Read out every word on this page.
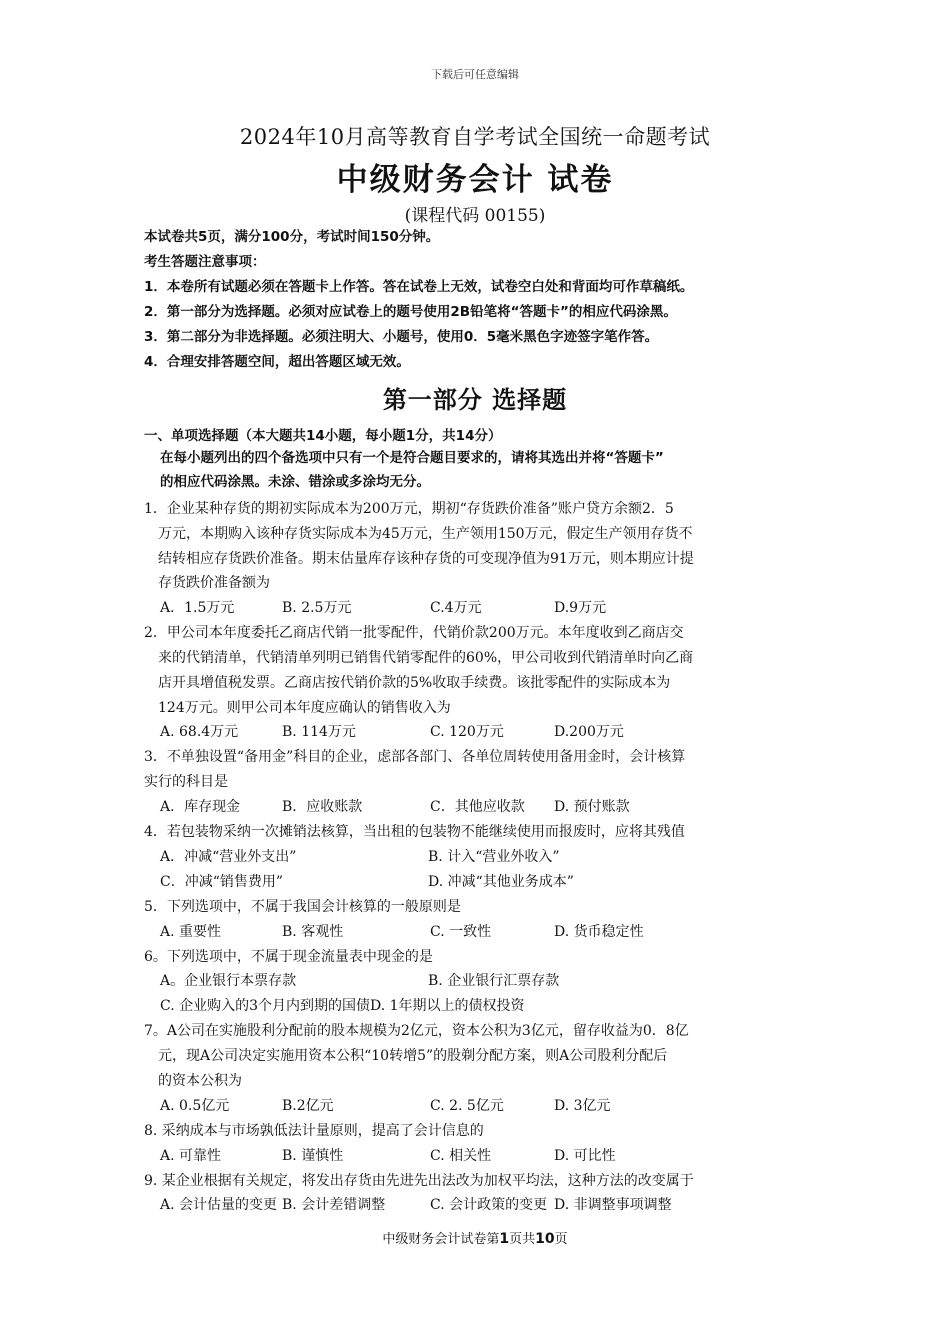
下载后可任意编辑
2024年10月高等教育自学考试全国统一命题考试
中级财务会计 试卷
(课程代码 00155)
本试卷共5页，满分100分，考试时间150分钟。
考生答题注意事项：
1．本卷所有试题必须在答题卡上作答。答在试卷上无效，试卷空白处和背面均可作草稿纸。
2．第一部分为选择题。必须对应试卷上的题号使用2B铅笔将“答题卡”的相应代码涂黑。
3．第二部分为非选择题。必须注明大、小题号，使用0．5毫米黑色字迹签字笔作答。
4．合理安排答题空间，超出答题区域无效。
第一部分 选择题
一、单项选择题（本大题共14小题，每小题1分，共14分）
在每小题列出的四个备选项中只有一个是符合题目要求的，请将其选出并将“答题卡”
的相应代码涂黑。未涂、错涂或多涂均无分。
1．企业某种存货的期初实际成本为200万元，期初“存货跌价准备”账户贷方余额2．5
　万元，本期购入该种存货实际成本为45万元，生产领用150万元，假定生产领用存货不
　结转相应存货跌价准备。期末估量库存该种存货的可变现净值为91万元，则本期应计提
　存货跌价准备额为
A．1.5万元	B. 2.5万元	C.4万元	D.9万元
2．甲公司本年度委托乙商店代销一批零配件，代销价款200万元。本年度收到乙商店交
　来的代销清单，代销清单列明已销售代销零配件的60%，甲公司收到代销清单时向乙商
　店开具增值税发票。乙商店按代销价款的5%收取手续费。该批零配件的实际成本为
　124万元。则甲公司本年度应确认的销售收入为
A. 68.4万元	B. 114万元	C. 120万元	D.200万元
3．不单独设置“备用金”科目的企业，虑部各部门、各单位周转使用备用金时，会计核算
实行的科目是
A．库存现金	B．应收账款	C．其他应收款 D. 预付账款
4．若包装物采纳一次摊销法核算，当出租的包装物不能继续使用而报废时，应将其残值
A．冲减“营业外支出”	B. 计入“营业外收入”
C．冲减“销售费用”	D. 冲减“其他业务成本”
5．下列选项中，不属于我国会计核算的一般原则是
A. 重要性	B. 客观性	C. 一致性	D. 货币稳定性
6。下列选项中，不属于现金流量表中现金的是
A。企业银行本票存款	B. 企业银行汇票存款
C. 企业购入的3个月内到期的国债D. 1年期以上的债权投资
7。A公司在实施股利分配前的股本规模为2亿元，资本公积为3亿元，留存收益为0．8亿
　元，现A公司决定实施用资本公积“10转增5”的股剃分配方案，则A公司股利分配后
　的资本公积为
A. 0.5亿元	B.2亿元	C. 2. 5亿元	D. 3亿元
8. 采纳成本与市场孰低法计量原则，提高了会计信息的
A. 可靠性	B. 谨慎性	C. 相关性	D. 可比性
9. 某企业根据有关规定，将发出存货由先进先出法改为加权平均法，这种方法的改变属于
A. 会计估量的变更 B. 会计差错调整	C. 会计政策的变更 D. 非调整事项调整
中级财务会计试卷第1页共10页
